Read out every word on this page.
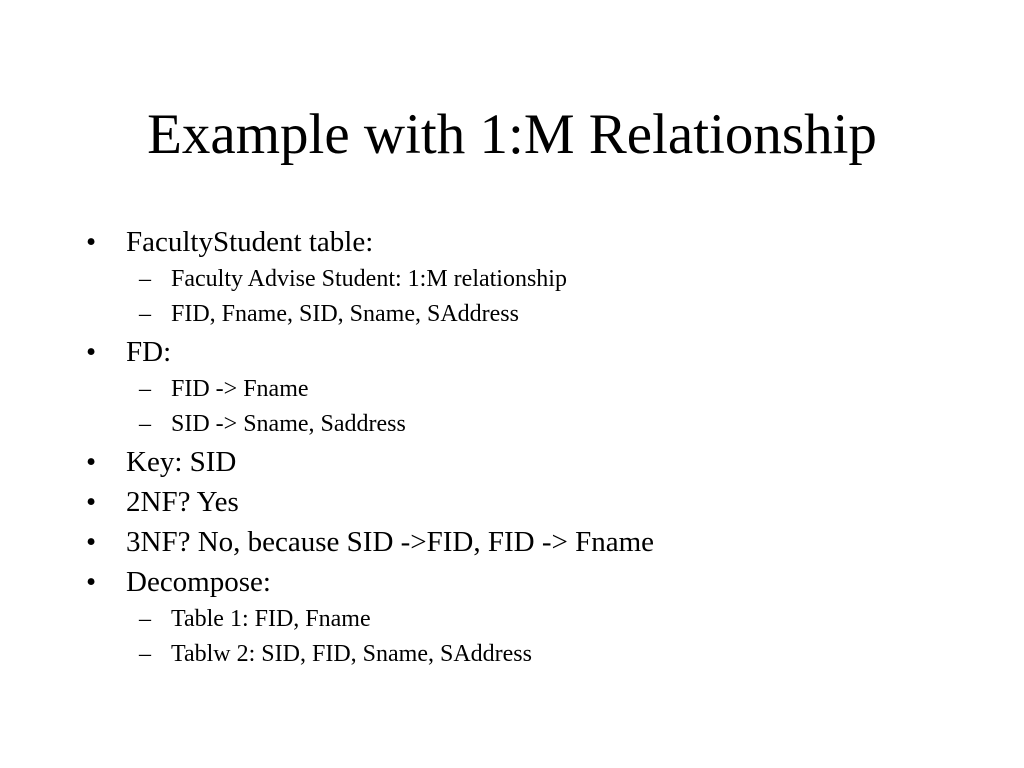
Example with 1:M Relationship
• FacultyStudent table:
– Faculty Advise Student: 1:M relationship
– FID, Fname, SID, Sname, SAddress
• FD:
– FID -> Fname
– SID -> Sname, Saddress
• Key: SID
• 2NF? Yes
• 3NF? No, because SID ->FID, FID -> Fname
• Decompose:
– Table 1: FID, Fname
– Tablw 2: SID, FID, Sname, SAddress
